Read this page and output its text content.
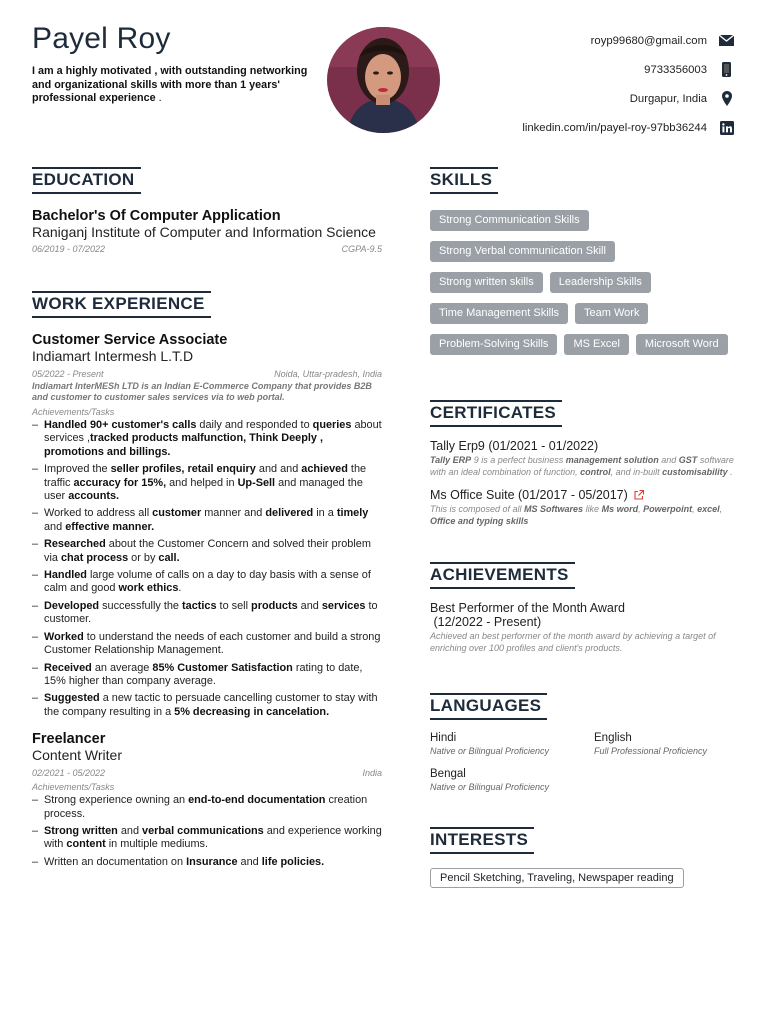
Payel Roy
I am a highly motivated , with outstanding networking and organizational skills with more than 1 years' professional experience .
royp99680@gmail.com
9733356003
Durgapur, India
linkedin.com/in/payel-roy-97bb36244
EDUCATION
Bachelor's Of Computer Application
Raniganj Institute of Computer and Information Science
06/2019 - 07/2022	CGPA-9.5
WORK EXPERIENCE
Customer Service Associate
Indiamart Intermesh L.T.D
05/2022 - Present	Noida, Uttar-pradesh, India
Indiamart InterMESh LTD is an Indian E-Commerce Company that provides B2B and customer to customer sales services via to web portal.
Achievements/Tasks
– Handled 90+ customer's calls daily and responded to queries about services ,tracked products malfunction, Think Deeply , promotions and billings.
– Improved the seller profiles, retail enquiry and and achieved the traffic accuracy for 15%, and helped in Up-Sell and managed the user accounts.
– Worked to address all customer manner and delivered in a timely and effective manner.
– Researched about the Customer Concern and solved their problem via chat process or by call.
– Handled large volume of calls on a day to day basis with a sense of calm and good work ethics.
– Developed successfully the tactics to sell products and services to customer.
– Worked to understand the needs of each customer and build a strong Customer Relationship Management.
– Received an average 85% Customer Satisfaction rating to date, 15% higher than company average.
– Suggested a new tactic to persuade cancelling customer to stay with the company resulting in a 5% decreasing in cancelation.
Freelancer
Content Writer
02/2021 - 05/2022	India
Achievements/Tasks
– Strong experience owning an end-to-end documentation creation process.
– Strong written and verbal communications and experience working with content in multiple mediums.
– Written an documentation on Insurance and life policies.
SKILLS
Strong Communication Skills
Strong Verbal communication Skill
Strong written skills	Leadership Skills
Time Management Skills	Team Work
Problem-Solving Skills	MS Excel	Microsoft Word
CERTIFICATES
Tally Erp9 (01/2021 - 01/2022)
Tally ERP 9 is a perfect business management solution and GST software with an ideal combination of function, control, and in-built customisability .
Ms Office Suite (01/2017 - 05/2017)
This is composed of all MS Softwares like Ms word, Powerpoint, excel, Office and typing skills
ACHIEVEMENTS
Best Performer of the Month Award
(12/2022 - Present)
Achieved an best performer of the month award by achieving a target of enriching over 100 profiles and client's products.
LANGUAGES
Hindi
Native or Bilingual Proficiency
English
Full Professional Proficiency
Bengal
Native or Bilingual Proficiency
INTERESTS
Pencil Sketching, Traveling, Newspaper reading
